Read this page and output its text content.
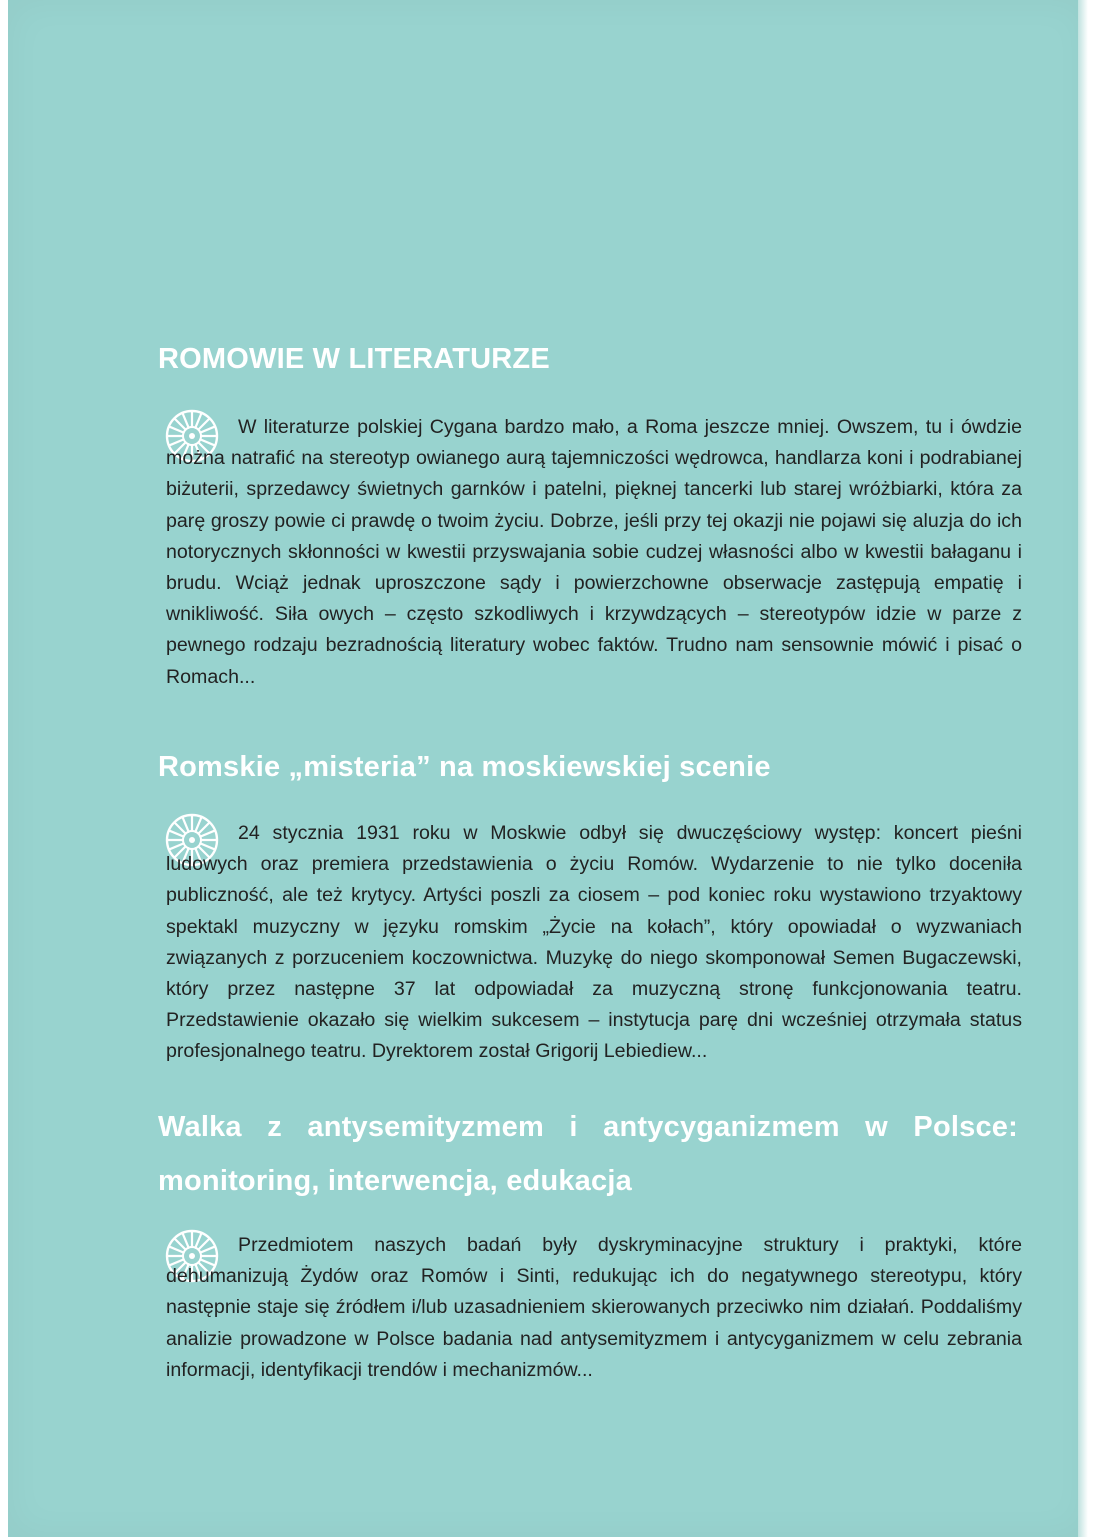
ROMOWIE W LITERATURZE

W literaturze polskiej Cygana bardzo mało, a Roma jeszcze mniej. Owszem, tu i ówdzie można natrafić na stereotyp owianego aurą tajemniczości wędrowca, handlarza koni i podrabianej biżuterii, sprzedawcy świetnych garnków i patelni, pięknej tancerki lub starej wróżbiarki, która za parę groszy powie ci prawdę o twoim życiu. Dobrze, jeśli przy tej okazji nie pojawi się aluzja do ich notorycznych skłonności w kwestii przyswajania sobie cudzej własności albo w kwestii bałaganu i brudu. Wciąż jednak uproszczone sądy i powierzchowne obserwacje zastępują empatię i wnikliwość. Siła owych – często szkodliwych i krzywdzących – stereotypów idzie w parze z pewnego rodzaju bezradnością literatury wobec faktów. Trudno nam sensownie mówić i pisać o Romach...

Romskie „misteria” na moskiewskiej scenie

24 stycznia 1931 roku w Moskwie odbył się dwuczęściowy występ: koncert pieśni ludowych oraz premiera przedstawienia o życiu Romów. Wydarzenie to nie tylko doceniła publiczność, ale też krytycy. Artyści poszli za ciosem – pod koniec roku wystawiono trzyaktowy spektakl muzyczny w języku romskim „Życie na kołach”, który opowiadał o wyzwaniach związanych z porzuceniem koczownictwa. Muzykę do niego skomponował Semen Bugaczewski, który przez następne 37 lat odpowiadał za muzyczną stronę funkcjonowania teatru. Przedstawienie okazało się wielkim sukcesem – instytucja parę dni wcześniej otrzymała status profesjonalnego teatru. Dyrektorem został Grigorij Lebiediew...

Walka z antysemityzmem i antycyganizmem w Polsce: monitoring, interwencja, edukacja

Przedmiotem naszych badań były dyskryminacyjne struktury i praktyki, które dehumanizują Żydów oraz Romów i Sinti, redukując ich do negatywnego stereotypu, który następnie staje się źródłem i/lub uzasadnieniem skierowanych przeciwko nim działań. Poddaliśmy analizie prowadzone w Polsce badania nad antysemityzmem i antycyganizmem w celu zebrania informacji, identyfikacji trendów i mechanizmów...
